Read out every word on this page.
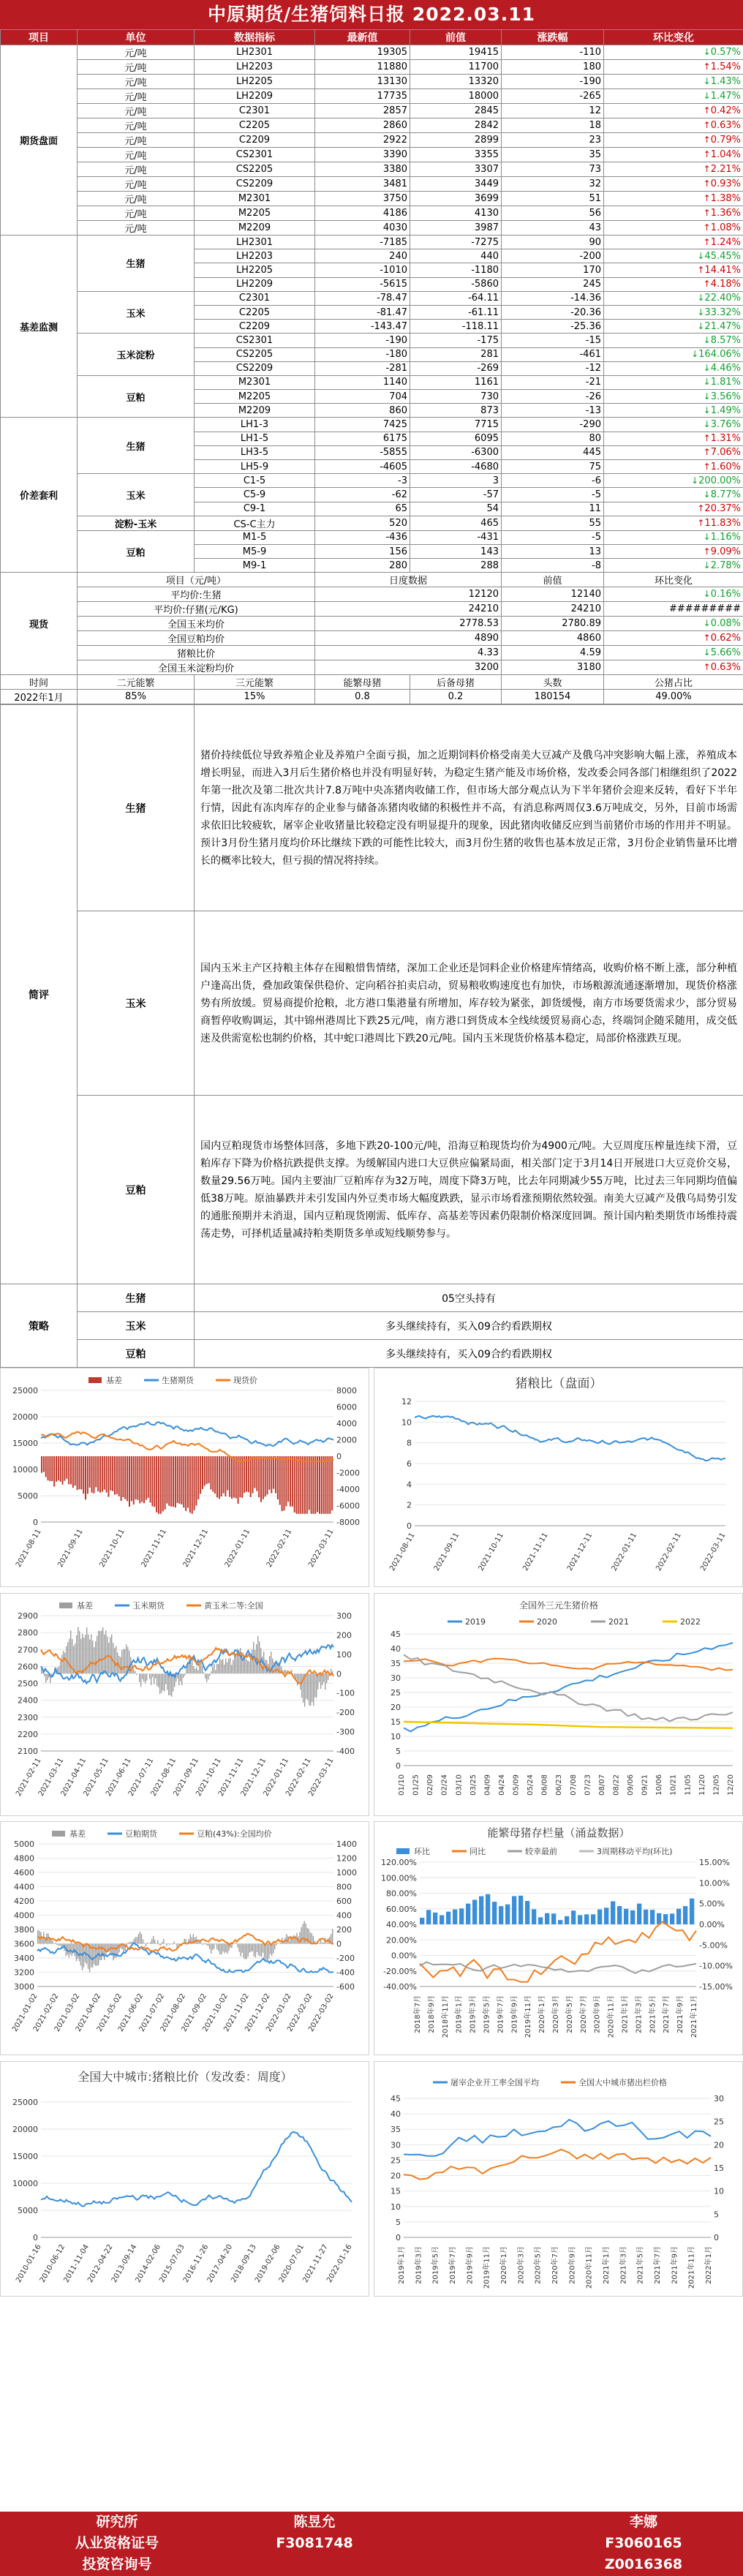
中原期货/生猪饲料日报 2022.03.11
项目	单位	数据指标	最新值	前值	涨跌幅	环比变化
期货盘面	元/吨	LH2301	19305	19415	-110	↓0.57%
	元/吨	LH2203	11880	11700	180	↑1.54%
	元/吨	LH2205	13130	13320	-190	↓1.43%
	元/吨	LH2209	17735	18000	-265	↓1.47%
	元/吨	C2301	2857	2845	12	↑0.42%
	元/吨	C2205	2860	2842	18	↑0.63%
	元/吨	C2209	2922	2899	23	↑0.79%
	元/吨	CS2301	3390	3355	35	↑1.04%
	元/吨	CS2205	3380	3307	73	↑2.21%
	元/吨	CS2209	3481	3449	32	↑0.93%
	元/吨	M2301	3750	3699	51	↑1.38%
	元/吨	M2205	4186	4130	56	↑1.36%
	元/吨	M2209	4030	3987	43	↑1.08%
基差监测	生猪	LH2301	-7185	-7275	90	↑1.24%
		LH2203	240	440	-200	↓45.45%
		LH2205	-1010	-1180	170	↑14.41%
		LH2209	-5615	-5860	245	↑4.18%
	玉米	C2301	-78.47	-64.11	-14.36	↓22.40%
		C2205	-81.47	-61.11	-20.36	↓33.32%
		C2209	-143.47	-118.11	-25.36	↓21.47%
	玉米淀粉	CS2301	-190	-175	-15	↓8.57%
		CS2205	-180	281	-461	↓164.06%
		CS2209	-281	-269	-12	↓4.46%
	豆粕	M2301	1140	1161	-21	↓1.81%
		M2205	704	730	-26	↓3.56%
		M2209	860	873	-13	↓1.49%
价差套利	生猪	LH1-3	7425	7715	-290	↓3.76%
		LH1-5	6175	6095	80	↑1.31%
		LH3-5	-5855	-6300	445	↑7.06%
		LH5-9	-4605	-4680	75	↑1.60%
	玉米	C1-5	-3	3	-6	↓200.00%
		C5-9	-62	-57	-5	↓8.77%
		C9-1	65	54	11	↑20.37%
	淀粉-玉米	CS-C主力	520	465	55	↑11.83%
	豆粕	M1-5	-436	-431	-5	↓1.16%
		M5-9	156	143	13	↑9.09%
		M9-1	280	288	-8	↓2.78%
现货	项目（元/吨）		日度数据		前值	环比变化
	平均价:生猪		12120		12140	↓0.16%
	平均价:仔猪(元/KG)		24210		24210	#########
	全国玉米均价		2778.53		2780.89	↓0.08%
	全国豆粕均价		4890		4860	↑0.62%
	猪粮比价		4.33		4.59	↓5.66%
	全国玉米淀粉均价		3200		3180	↑0.63%
时间	二元能繁	三元能繁	能繁母猪	后备母猪	头数	公猪占比
2022年1月	85%	15%	0.8	0.2	180154	49.00%
简评	生猪	猪价持续低位导致养殖企业及养殖户全面亏损，加之近期饲料价格受南美大豆减产及俄乌冲突影响大幅上涨，养殖成本增长明显，而进入3月后生猪价格也并没有明显好转，为稳定生猪产能及市场价格，发改委会同各部门相继组织了2022年第一批次及第二批次共计7.8万吨中央冻猪肉收储工作，但市场大部分观点认为下半年猪价会迎来反转，看好下半年行情，因此有冻肉库存的企业参与储备冻猪肉收储的积极性并不高，有消息称两周仅3.6万吨成交，另外，目前市场需求依旧比较疲软，屠宰企业收猪量比较稳定没有明显提升的现象，因此猪肉收储反应到当前猪价市场的作用并不明显。预计3月份生猪月度均价环比继续下跌的可能性比较大，而3月份生猪的收售也基本放足正常，3月份企业销售量环比增长的概率比较大，但亏损的情况将持续。
	玉米	国内玉米主产区持粮主体存在囤粮惜售情绪，深加工企业还是饲料企业价格建库情绪高，收购价格不断上涨，部分种植户逢高出货，叠加政策保供稳价、定向稻谷拍卖启动，贸易粮收购速度也有加快，市场粮源流通逐渐增加，现货价格涨势有所放缓。贸易商提价抢粮，北方港口集港量有所增加，库存较为紧张，卸货缓慢，南方市场要货需求少，部分贸易商暂停收购调运，其中锦州港周比下跌25元/吨，南方港口到货成本全线续缓贸易商心态，终端饲企随采随用，成交低迷及供需宽松也制约价格，其中蛇口港周比下跌20元/吨。国内玉米现货价格基本稳定，局部价格涨跌互现。
	豆粕	国内豆粕现货市场整体回落，多地下跌20-100元/吨，沿海豆粕现货均价为4900元/吨。大豆周度压榨量连续下滑，豆粕库存下降为价格抗跌提供支撑。为缓解国内进口大豆供应偏紧局面，相关部门定于3月14日开展进口大豆竞价交易，数量29.56万吨。国内主要油厂豆粕库存为32万吨，周度下降3万吨，比去年同期减少55万吨，比过去三年同期均值偏低38万吨。原油暴跌并未引发国内外豆类市场大幅度跌跌，显示市场看涨预期依然较强。南美大豆减产及俄乌局势引发的通胀预期并未消退，国内豆粕现货刚需、低库存、高基差等因素仍限制价格深度回调。预计国内粕类期货市场维持震荡走势，可择机适量减持粕类期货多单或短线顺势参与。
策略	生猪	05空头持有
	玉米	多头继续持有，买入09合约看跌期权
	豆粕	多头继续持有，买入09合约看跌期权
基差	生猪期货	现货价
25000
20000
15000
10000
5000
0
8000
6000
4000
2000
0
-2000
-4000
-6000
-8000
2021-08-11 2021-09-11 2021-10-11 2021-11-11 2021-12-11 2022-01-11 2022-02-11 2022-03-11
猪粮比（盘面）
12
10
8
6
4
2
0
2021-08-11 2021-09-11 2021-10-11 2021-11-11 2021-12-11 2022-01-11 2022-02-11 2022-03-11
基差	玉米期货	黄玉米二等:全国
2900
2800
2700
2600
2500
2400
2300
2200
2100
300
200
100
0
-100
-200
-300
-400
2021-02-11
2021-03-11
2021-04-11
2021-05-11
2021-06-11
2021-07-11
2021-08-11
2021-09-11
2021-10-11
2021-11-11
2021-12-11
2022-01-11
2022-02-11
2022-03-11
全国外三元生猪价格
2019	2020	2021	2022
45
40
35
30
25
20
15
10
5
0
01/10 01/25 02/09 02/24 03/10 03/25 04/09 04/24 05/09 05/24 06/08 06/23 07/08 07/23 08/07 08/22 09/06 09/21 10/06 10/21 11/05 11/20 12/05 12/20
基差	豆粕期货	豆粕(43%):全国均价
5000
4800
4600
4400
4200
4000
3800
3600
3400
3200
3000
1400
1200
1000
800
600
400
200
0
-200
-400
-600
2021-01-02
2021-02-02
2021-03-02
2021-04-02
2021-05-02
2021-06-02
2021-07-02
2021-08-02
2021-09-02
2021-10-02
2021-11-02
2021-12-02
2022-01-02
2022-02-02
2022-03-02
能繁母猪存栏量（涌益数据）
环比	同比	较幸最前	3周期移动平均(环比)
120.00%
100.00%
80.00%
60.00%
40.00%
20.00%
0.00%
-20.00%
-40.00%
15.00%
10.00%
5.00%
0.00%
-5.00%
-10.00%
-15.00%
2018年7月 2018年9月 2018年11月 2019年1月 2019年3月 2019年5月 2019年7月 2019年9月 2019年11月 2020年1月 2020年3月 2020年5月 2020年7月 2020年9月 2020年11月 2021年1月 2021年3月 2021年5月 2021年7月 2021年9月 2021年11月
全国大中城市:猪粮比价（发改委：周度）
25000
20000
15000
10000
5000
0
2010-01-16
2010-06-12
2011-11-04
2012-04-22
2013-09-14
2014-02-06
2015-07-03
2016-11-26
2017-04-20
2018-09-13
2019-02-06
2020-07-01
2021-11-27
2022-01-16
屠宰企业开工率全国平均	全国大中城市猪出栏价格
45
40
35
30
25
20
15
10
5
0
30
25
20
15
10
5
0
2019年1月 2019年3月 2019年5月 2019年7月 2019年9月 2019年11月 2020年1月 2020年3月 2020年5月 2020年7月 2020年9月 2020年11月 2021年1月 2021年3月 2021年5月 2021年7月 2021年9月 2021年11月 2022年1月
研究所	陈昱允	李娜
从业资格证号	F3081748	F3060165
投资咨询号	Z0016368
